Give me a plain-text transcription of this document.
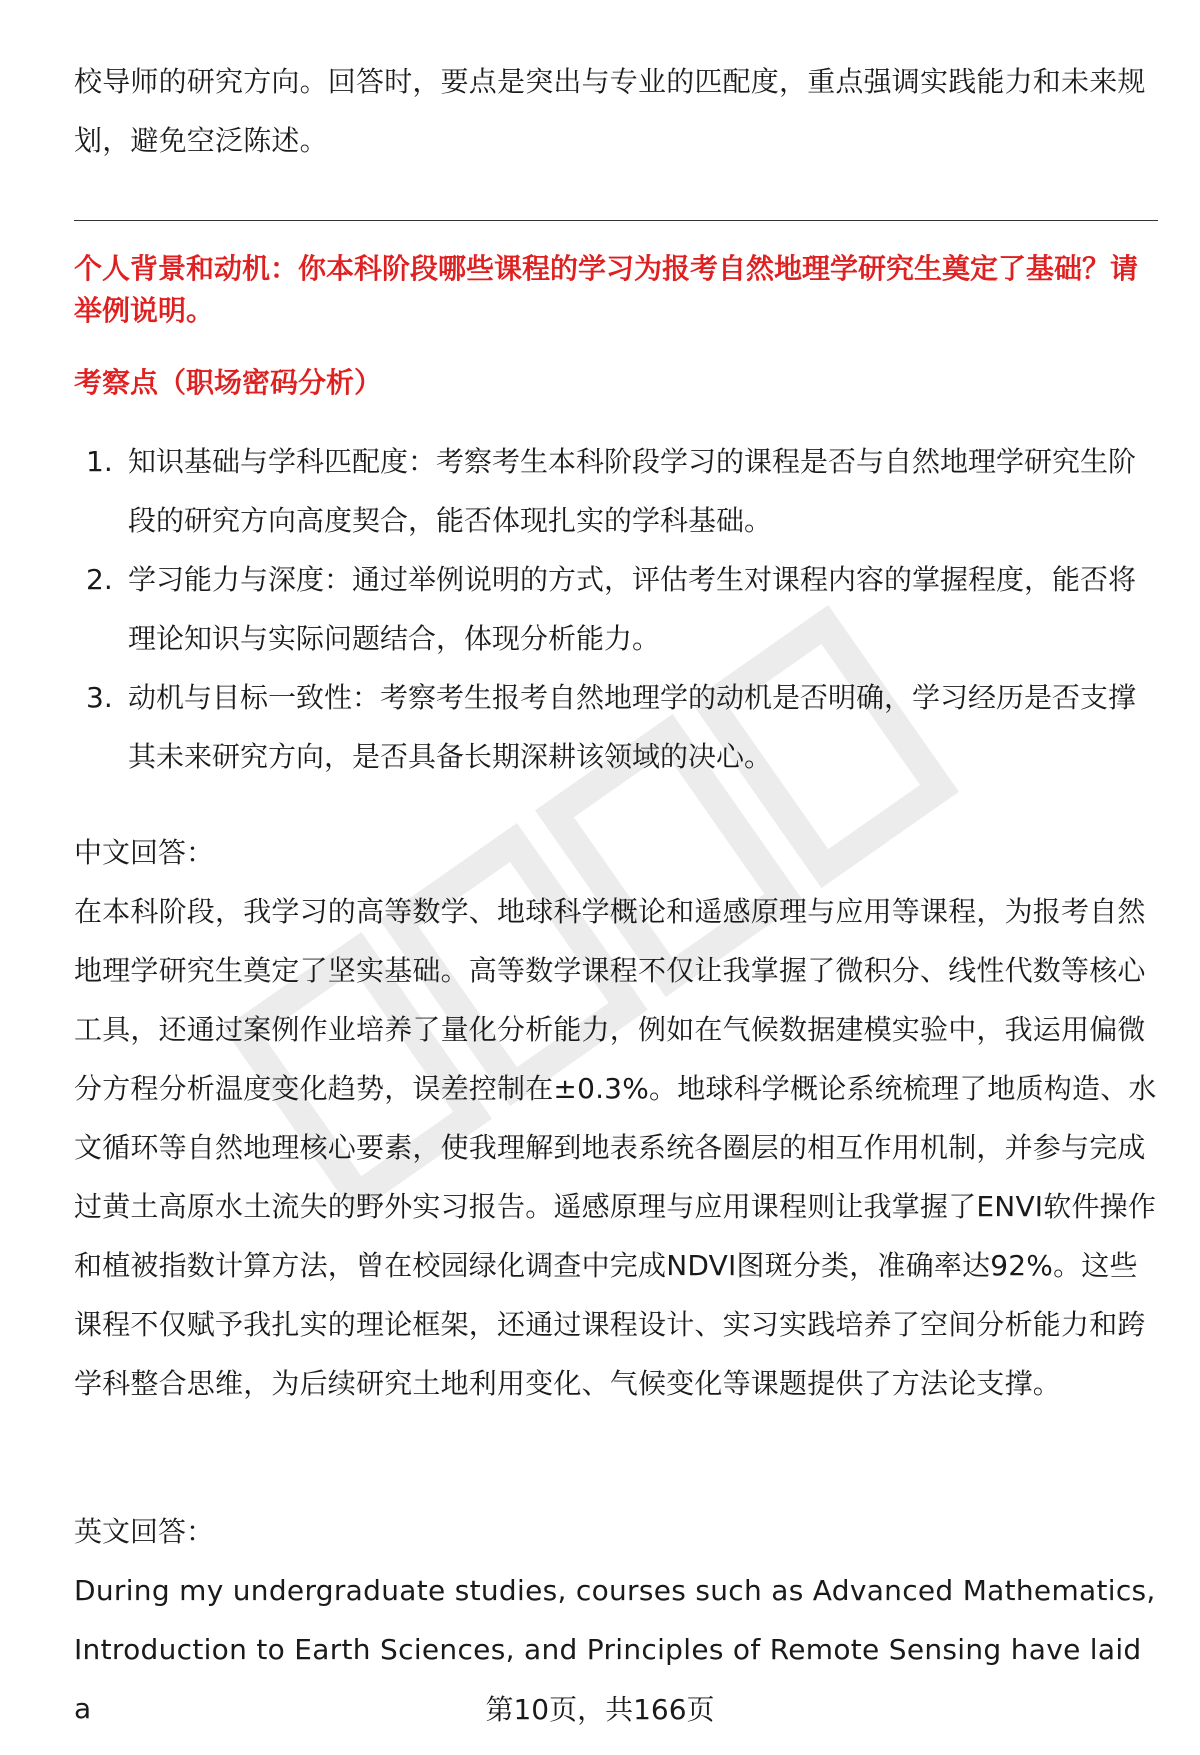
校导师的研究方向。回答时，要点是突出与专业的匹配度，重点强调实践能力和未来规划，避免空泛陈述。

个人背景和动机：你本科阶段哪些课程的学习为报考自然地理学研究生奠定了基础？请举例说明。

考察点（职场密码分析）

1. 知识基础与学科匹配度：考察考生本科阶段学习的课程是否与自然地理学研究生阶段的研究方向高度契合，能否体现扎实的学科基础。
2. 学习能力与深度：通过举例说明的方式，评估考生对课程内容的掌握程度，能否将理论知识与实际问题结合，体现分析能力。
3. 动机与目标一致性：考察考生报考自然地理学的动机是否明确，学习经历是否支撑其未来研究方向，是否具备长期深耕该领域的决心。

中文回答：

在本科阶段，我学习的高等数学、地球科学概论和遥感原理与应用等课程，为报考自然地理学研究生奠定了坚实基础。高等数学课程不仅让我掌握了微积分、线性代数等核心工具，还通过案例作业培养了量化分析能力，例如在气候数据建模实验中，我运用偏微分方程分析温度变化趋势，误差控制在±0.3%。地球科学概论系统梳理了地质构造、水文循环等自然地理核心要素，使我理解到地表系统各圈层的相互作用机制，并参与完成过黄土高原水土流失的野外实习报告。遥感原理与应用课程则让我掌握了ENVI软件操作和植被指数计算方法，曾在校园绿化调查中完成NDVI图斑分类，准确率达92%。这些课程不仅赋予我扎实的理论框架，还通过课程设计、实习实践培养了空间分析能力和跨学科整合思维，为后续研究土地利用变化、气候变化等课题提供了方法论支撑。

英文回答：

During my undergraduate studies, courses such as Advanced Mathematics, Introduction to Earth Sciences, and Principles of Remote Sensing have laid a	第10页，共166页
